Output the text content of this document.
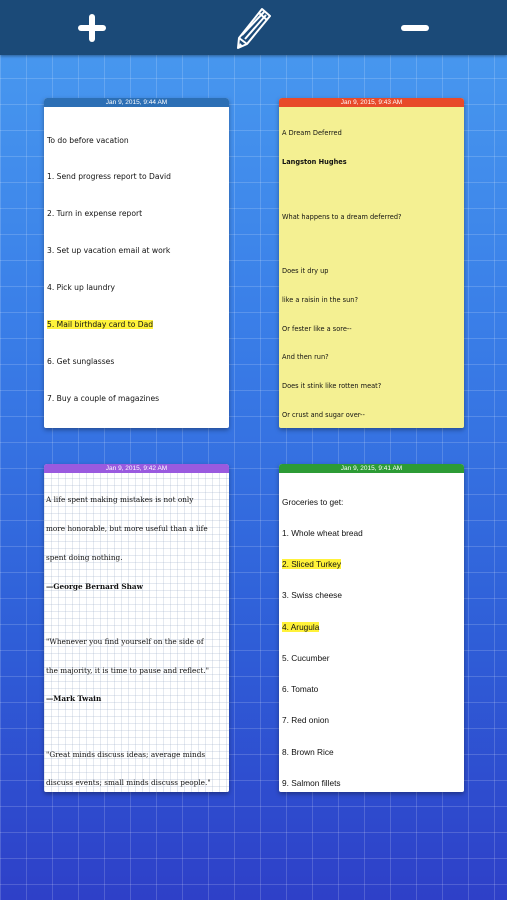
Jan 9, 2015, 9:44 AM

To do before vacation

1. Send progress report to David

2. Turn in expense report

3. Set up vacation email at work

4. Pick up laundry

5. Mail birthday card to Dad

6. Get sunglasses

7. Buy a couple of magazines

Jan 9, 2015, 9:43 AM

A Dream Deferred

Langston Hughes

What happens to a dream deferred?

Does it dry up

like a raisin in the sun?

Or fester like a sore--

And then run?

Does it stink like rotten meat?

Or crust and sugar over--

Jan 9, 2015, 9:42 AM

A life spent making mistakes is not only

more honorable, but more useful than a life

spent doing nothing.

—George Bernard Shaw

"Whenever you find yourself on the side of

the majority, it is time to pause and reflect."

—Mark Twain

"Great minds discuss ideas; average minds

discuss events; small minds discuss people."

Jan 9, 2015, 9:41 AM

Groceries to get:

1. Whole wheat bread

2. Sliced Turkey

3. Swiss cheese

4. Arugula

5. Cucumber

6. Tomato

7. Red onion

8. Brown Rice

9. Salmon fillets
